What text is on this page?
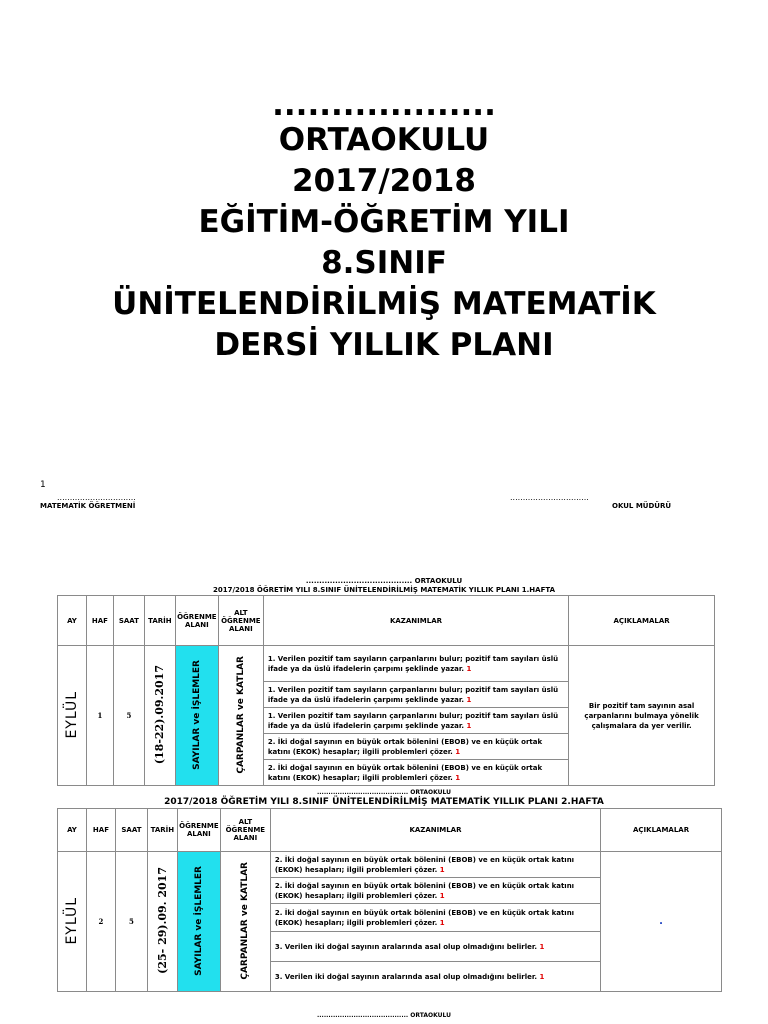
...................
ORTAOKULU
2017/2018
EĞİTİM-ÖĞRETİM YILI
8.SINIF
ÜNİTELENDİRİLMİŞ MATEMATİK
DERSİ YILLIK PLANI
1
...............................
MATEMATİK ÖĞRETMENİ
...............................
OKUL MÜDÜRÜ
........................................ ORTAOKULU
2017/2018 ÖĞRETİM YILI 8.SINIF ÜNİTELENDİRİLMİŞ MATEMATİK YILLIK PLANI 1.HAFTA
AY	HAF	SAAT	TARİH	ÖĞRENME ALANI	ALT ÖĞRENME ALANI	KAZANIMLAR	AÇIKLAMALAR
EYLÜL	1	5	(18-22).09.2017	SAYILAR ve İŞLEMLER	ÇARPANLAR ve KATLAR	1. Verilen pozitif tam sayıların çarpanlarını bulur; pozitif tam sayıları üslü ifade ya da üslü ifadelerin çarpımı şeklinde yazar. 1	Bir pozitif tam sayının asal çarpanlarını bulmaya yönelik çalışmalara da yer verilir.
						1. Verilen pozitif tam sayıların çarpanlarını bulur; pozitif tam sayıları üslü ifade ya da üslü ifadelerin çarpımı şeklinde yazar. 1	
						1. Verilen pozitif tam sayıların çarpanlarını bulur; pozitif tam sayıları üslü ifade ya da üslü ifadelerin çarpımı şeklinde yazar. 1	
						2. İki doğal sayının en büyük ortak bölenini (EBOB) ve en küçük ortak katını (EKOK) hesaplar; ilgili problemleri çözer. 1	
						2. İki doğal sayının en büyük ortak bölenini (EBOB) ve en küçük ortak katını (EKOK) hesaplar; ilgili problemleri çözer. 1	
........................................ ORTAOKULU
2017/2018 ÖĞRETİM YILI 8.SINIF ÜNİTELENDİRİLMİŞ MATEMATİK YILLIK PLANI 2.HAFTA
AY	HAF	SAAT	TARİH	ÖĞRENME ALANI	ALT ÖĞRENME ALANI	KAZANIMLAR	AÇIKLAMALAR
EYLÜL	2	5	(25- 29).09. 2017	SAYILAR ve İŞLEMLER	ÇARPANLAR ve KATLAR	2. İki doğal sayının en büyük ortak bölenini (EBOB) ve en küçük ortak katını (EKOK) hesapları; ilgili problemleri çözer. 1	.
						2. İki doğal sayının en büyük ortak bölenini (EBOB) ve en küçük ortak katını (EKOK) hesapları; ilgili problemleri çözer. 1	
						2. İki doğal sayının en büyük ortak bölenini (EBOB) ve en küçük ortak katını (EKOK) hesapları; ilgili problemleri çözer. 1	
						3. Verilen iki doğal sayının aralarında asal olup olmadığını belirler. 1	
						3. Verilen iki doğal sayının aralarında asal olup olmadığını belirler. 1	
........................................ ORTAOKULU
